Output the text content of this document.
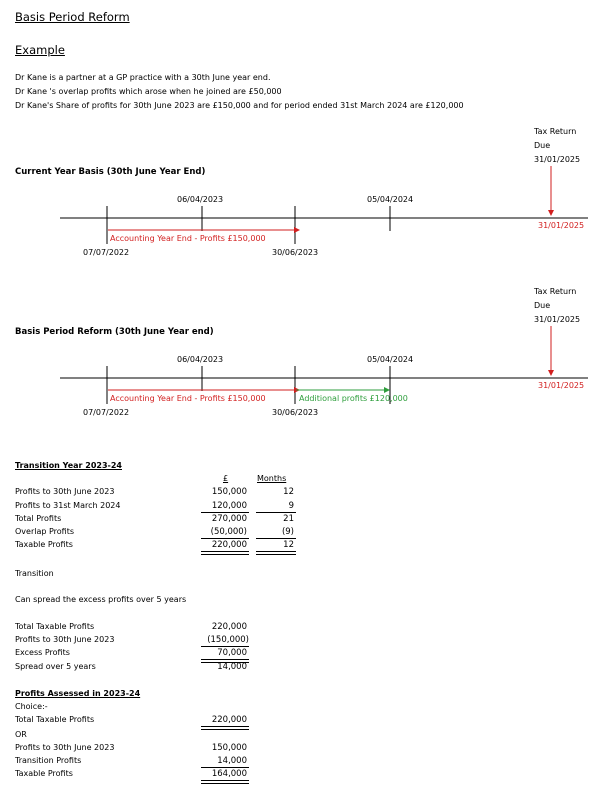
Basis Period Reform
Example
Dr Kane is a partner at a GP practice with a 30th June year end.
Dr Kane 's overlap profits which arose when he joined are £50,000
Dr Kane's Share of profits for 30th June 2023 are £150,000 and for period ended 31st March 2024 are £120,000
Tax Return
Due
31/01/2025
Current Year Basis (30th June Year End)
06/04/2023	05/04/2024
31/01/2025
Accounting Year End - Profits £150,000
07/07/2022	30/06/2023
Tax Return
Due
31/01/2025
Basis Period Reform (30th June Year end)
06/04/2023	05/04/2024
31/01/2025
Accounting Year End - Profits £150,000	Additional profits £120,000
07/07/2022	30/06/2023
Transition Year 2023-24
£	Months
Profits to 30th June 2023	150,000	12
Profits to 31st March 2024	120,000	9
Total Profits	270,000	21
Overlap Profits	(50,000)	(9)
Taxable Profits	220,000	12
Transition
Can spread the excess profits over 5 years
Total Taxable Profits	220,000
Profits to 30th June 2023	(150,000)
Excess Profits	70,000
Spread over 5 years	14,000
Profits Assessed in 2023-24
Choice:-
Total Taxable Profits	220,000
OR
Profits to 30th June 2023	150,000
Transition Profits	14,000
Taxable Profits	164,000
